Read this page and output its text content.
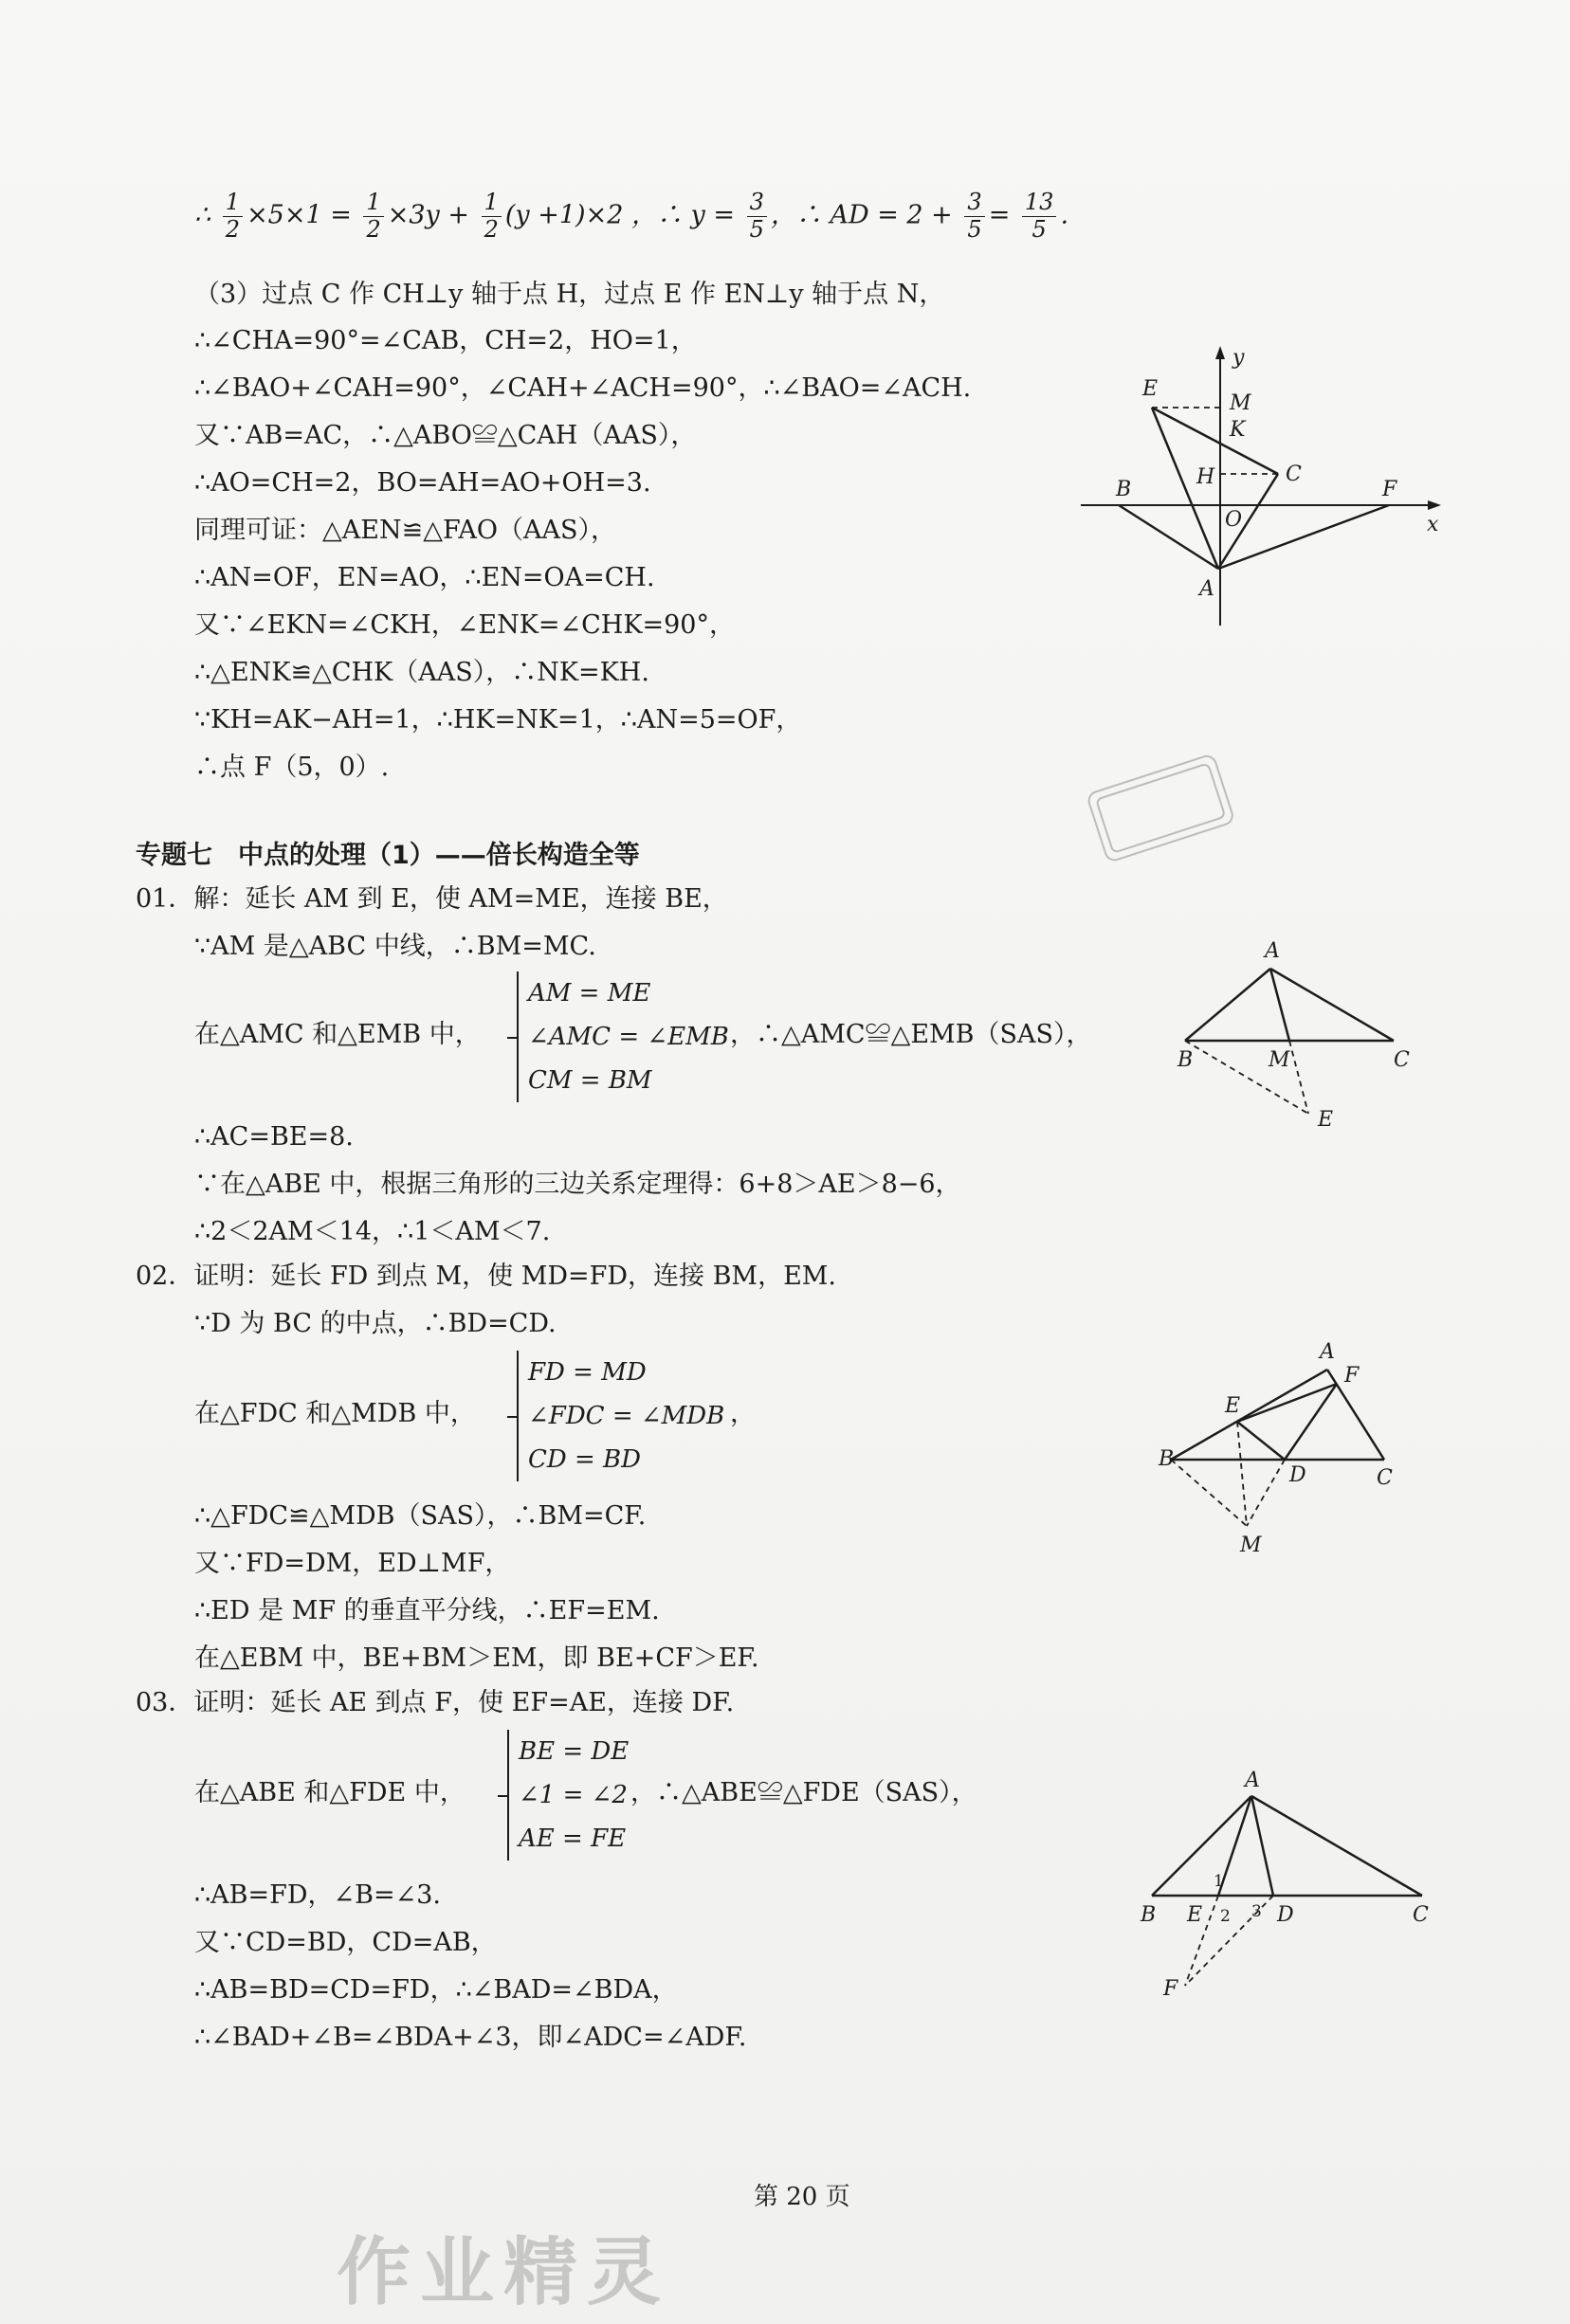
∴ $\frac{1}{2} \times 5\times 1 = \frac{1}{2} \times 3y + \frac{1}{2} (y +1)\times 2$ ，∴ $y = \frac{3}{5}$ ，∴ AD = $2 + \frac{3}{5} = \frac{13}{5}$ .
（3）过点 C 作 CH⊥y 轴于点 H，过点 E 作 EN⊥y 轴于点 N，
∴∠CHA=90°=∠CAB，CH=2，HO=1，
∴∠BAO+∠CAH=90°，∠CAH+∠ACH=90°，∴∠BAO=∠ACH.
又∵AB=AC，∴△ABO≌△CAH（AAS），
∴AO=CH=2，BO=AH=AO+OH=3.
同理可证：△AEN≌△FAO（AAS），
∴AN=OF，EN=AO，∴EN=OA=CH.
又∵∠EKN=∠CKH，∠ENK=∠CHK=90°，
∴△ENK≌△CHK（AAS），∴NK=KH.
∵KH=AK−AH=1，∴HK=NK=1，∴AN=5=OF，
∴点 F（5，0）.
y
x
E
M
K
H	C
B
O
F
A
专题七　中点的处理（1）——倍长构造全等
01．解：延长 AM 到 E，使 AM=ME，连接 BE，
∵AM 是△ABC 中线，∴BM=MC.
在△AMC 和△EMB 中，
AM = ME
∠AMC = ∠EMB
CM = BM
，∴△AMC≌△EMB（SAS），
∴AC=BE=8.
∵在△ABE 中，根据三角形的三边关系定理得：6+8＞AE＞8−6，
∴2＜2AM＜14，∴1＜AM＜7.
A
B	M	C
E
02．证明：延长 FD 到点 M，使 MD=FD，连接 BM，EM.
∵D 为 BC 的中点，∴BD=CD.
在△FDC 和△MDB 中，
FD = MD
∠FDC = ∠MDB
CD = BD
，
∴△FDC≌△MDB（SAS），∴BM=CF.
又∵FD=DM，ED⊥MF，
∴ED 是 MF 的垂直平分线，∴EF=EM.
在△EBM 中，BE+BM＞EM，即 BE+CF＞EF.
A
F
E
B
D	C
M
03．证明：延长 AE 到点 F，使 EF=AE，连接 DF.
在△ABE 和△FDE 中，
BE = DE
∠1 = ∠2
AE = FE
，∴△ABE≌△FDE（SAS），
∴AB=FD，∠B=∠3.
又∵CD=BD，CD=AB，
∴AB=BD=CD=FD，∴∠BAD=∠BDA，
∴∠BAD+∠B=∠BDA+∠3，即∠ADC=∠ADF.
A
B E
1
2 3 D	C
F
第 20 页
作业精灵
